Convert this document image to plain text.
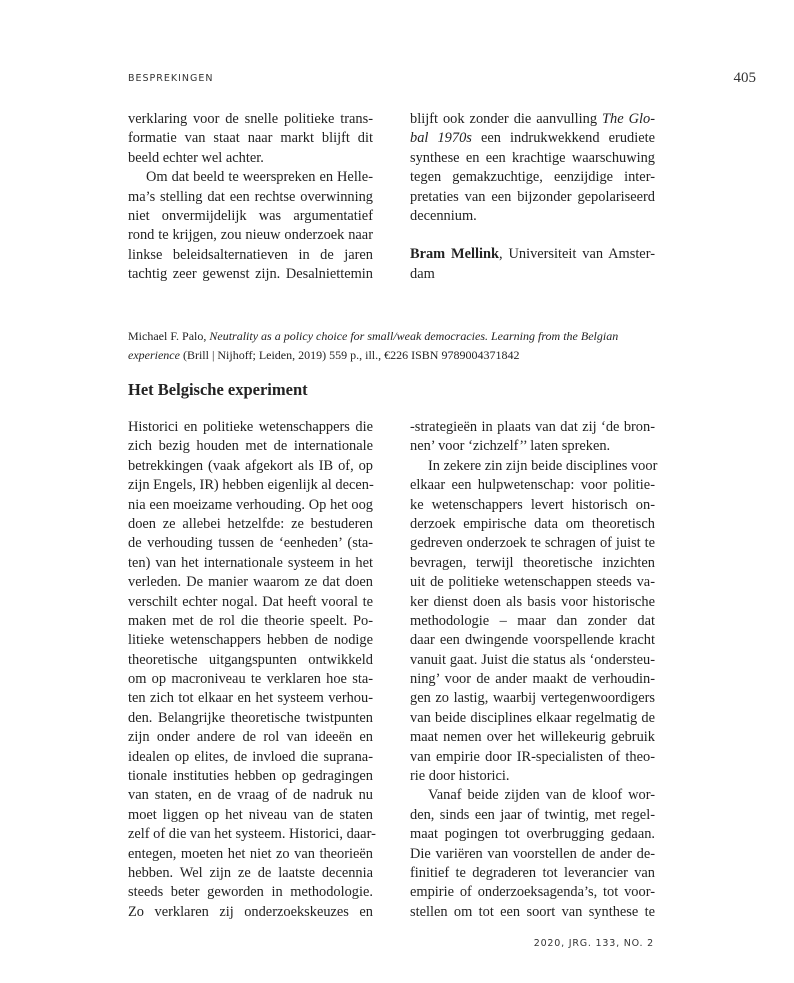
BESPREKINGEN	405
verklaring voor de snelle politieke trans-
formatie van staat naar markt blijft dit
beeld echter wel achter.
Om dat beeld te weerspreken en Helle-
ma’s stelling dat een rechtse overwinning
niet onvermijdelijk was argumentatief
rond te krijgen, zou nieuw onderzoek naar
linkse beleidsalternatieven in de jaren
tachtig zeer gewenst zijn. Desalniettemin
blijft ook zonder die aanvulling The Glo-
bal 1970s een indrukwekkend erudiete
synthese en een krachtige waarschuwing
tegen gemakzuchtige, eenzijdige inter-
pretaties van een bijzonder gepolariseerd
decennium.
Bram Mellink, Universiteit van Amster-
dam
Michael F. Palo, Neutrality as a policy choice for small/weak democracies. Learning from the Belgian
experience (Brill | Nijhoff; Leiden, 2019) 559 p., ill., €226 ISBN 9789004371842
Het Belgische experiment
Historici en politieke wetenschappers die
zich bezig houden met de internationale
betrekkingen (vaak afgekort als IB of, op
zijn Engels, IR) hebben eigenlijk al decen-
nia een moeizame verhouding. Op het oog
doen ze allebei hetzelfde: ze bestuderen
de verhouding tussen de ‘eenheden’ (sta-
ten) van het internationale systeem in het
verleden. De manier waarom ze dat doen
verschilt echter nogal. Dat heeft vooral te
maken met de rol die theorie speelt. Po-
litieke wetenschappers hebben de nodige
theoretische uitgangspunten ontwikkeld
om op macroniveau te verklaren hoe sta-
ten zich tot elkaar en het systeem verhou-
den. Belangrijke theoretische twistpunten
zijn onder andere de rol van ideeën en
idealen op elites, de invloed die suprana-
tionale instituties hebben op gedragingen
van staten, en de vraag of de nadruk nu
moet liggen op het niveau van de staten
zelf of die van het systeem. Historici, daar-
entegen, moeten het niet zo van theorieën
hebben. Wel zijn ze de laatste decennia
steeds beter geworden in methodologie.
Zo verklaren zij onderzoekskeuzes en
-strategieën in plaats van dat zij ‘de bron-
nen’ voor ‘zichzelf’’ laten spreken.
In zekere zin zijn beide disciplines voor
elkaar een hulpwetenschap: voor politie-
ke wetenschappers levert historisch on-
derzoek empirische data om theoretisch
gedreven onderzoek te schragen of juist te
bevragen, terwijl theoretische inzichten
uit de politieke wetenschappen steeds va-
ker dienst doen als basis voor historische
methodologie – maar dan zonder dat
daar een dwingende voorspellende kracht
vanuit gaat. Juist die status als ‘ondersteu-
ning’ voor de ander maakt de verhoudin-
gen zo lastig, waarbij vertegenwoordigers
van beide disciplines elkaar regelmatig de
maat nemen over het willekeurig gebruik
van empirie door IR-specialisten of theo-
rie door historici.
Vanaf beide zijden van de kloof wor-
den, sinds een jaar of twintig, met regel-
maat pogingen tot overbrugging gedaan.
Die variëren van voorstellen de ander de-
finitief te degraderen tot leverancier van
empirie of onderzoeksagenda’s, tot voor-
stellen om tot een soort van synthese te
2020, JRG. 133, NO. 2
